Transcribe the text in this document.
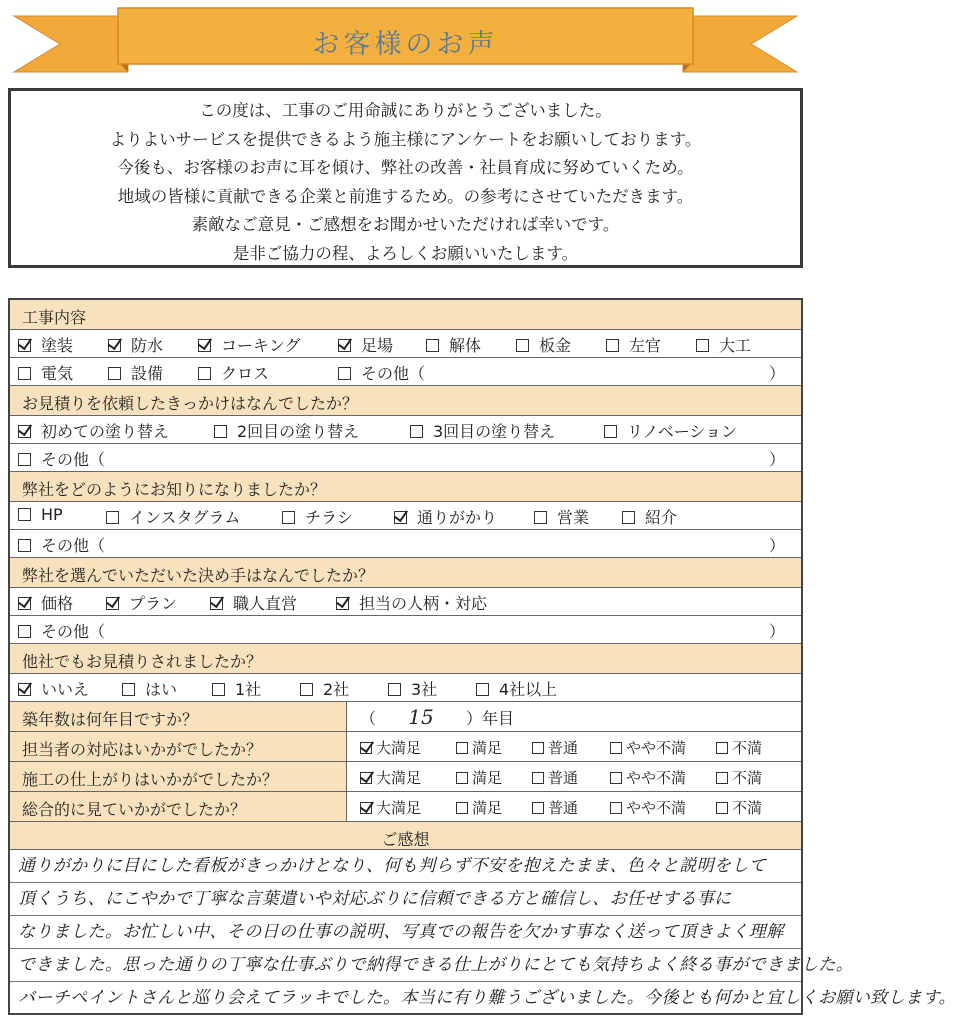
お客様のお声
この度は、工事のご用命誠にありがとうございました。
よりよいサービスを提供できるよう施主様にアンケートをお願いしております。
今後も、お客様のお声に耳を傾け、弊社の改善・社員育成に努めていくため。
地域の皆様に貢献できる企業と前進するため。の参考にさせていただきます。
素敵なご意見・ご感想をお聞かせいただければ幸いです。
是非ご協力の程、よろしくお願いいたします。
工事内容
塗装	防水	コーキング	足場	解体	板金	左官	大工
電気	設備	クロス	その他（	）
お見積りを依頼したきっかけはなんでしたか？
初めての塗り替え	2回目の塗り替え	3回目の塗り替え	リノベーション
その他（	）
弊社をどのようにお知りになりましたか？
HP	インスタグラム	チラシ	通りがかり	営業	紹介
その他（	）
弊社を選んでいただいた決め手はなんでしたか？
価格	プラン	職人直営	担当の人柄・対応
その他（	）
他社でもお見積りされましたか？
いいえ	はい	1社	2社	3社	4社以上
築年数は何年目ですか？	（ 15 ）年目
担当者の対応はいかがでしたか？	大満足	満足	普通	やや不満	不満
施工の仕上がりはいかがでしたか？	大満足	満足	普通	やや不満	不満
総合的に見ていかがでしたか？	大満足	満足	普通	やや不満	不満
ご感想
通りがかりに目にした看板がきっかけとなり、何も判らず不安を抱えたまま、色々と説明をして
頂くうち、にこやかで丁寧な言葉遣いや対応ぶりに信頼できる方と確信し、お任せする事に
なりました。お忙しい中、その日の仕事の説明、写真での報告を欠かす事なく送って頂きよく理解
できました。思った通りの丁寧な仕事ぶりで納得できる仕上がりにとても気持ちよく終る事ができました。
バーチペイントさんと巡り会えてラッキでした。本当に有り難うございました。今後とも何かと宜しくお願い致します。
